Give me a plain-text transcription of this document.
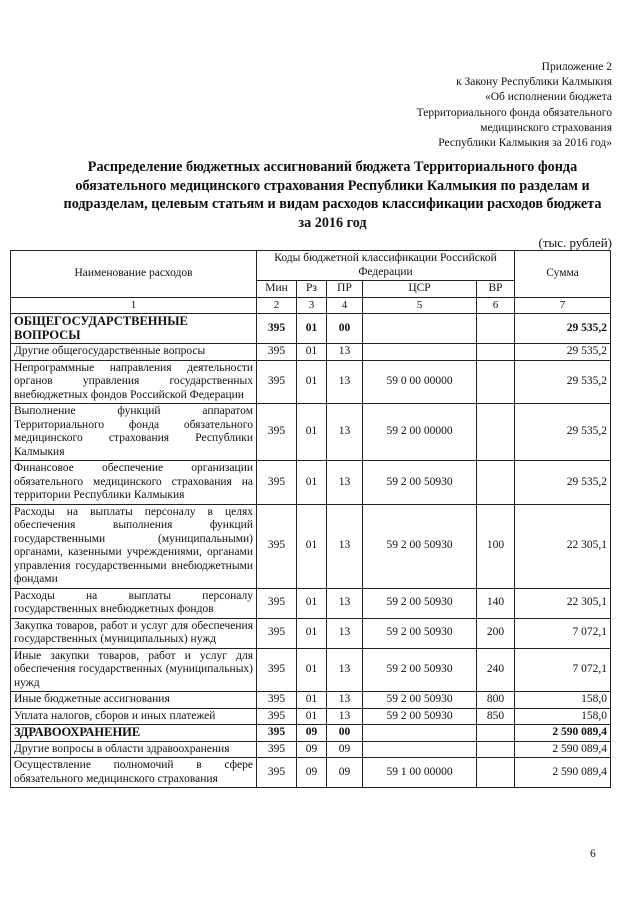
Приложение 2
к Закону Республики Калмыкия
«Об исполнении бюджета
Территориального фонда обязательного
медицинского страхования
Республики Калмыкия за 2016 год»
Распределение бюджетных ассигнований бюджета Территориального фонда обязательного медицинского страхования Республики Калмыкия по разделам и подразделам, целевым статьям и видам расходов классификации расходов бюджета за 2016 год
(тыс. рублей)
Наименование расходов	Коды бюджетной классификации Российской Федерации					Сумма
	Мин	Рз	ПР	ЦСР	ВР	
1	2	3	4	5	6	7
ОБЩЕГОСУДАРСТВЕННЫЕ ВОПРОСЫ	395	01	00			29 535,2
Другие общегосударственные вопросы	395	01	13			29 535,2
Непрограммные направления деятельности органов управления государственных внебюджетных фондов Российской Федерации	395	01	13	59 0 00 00000		29 535,2
Выполнение функций аппаратом Территориального фонда обязательного медицинского страхования Республики Калмыкия	395	01	13	59 2 00 00000		29 535,2
Финансовое обеспечение организации обязательного медицинского страхования на территории Республики Калмыкия	395	01	13	59 2 00 50930		29 535,2
Расходы на выплаты персоналу в целях обеспечения выполнения функций государственными (муниципальными) органами, казенными учреждениями, органами управления государственными внебюджетными фондами	395	01	13	59 2 00 50930	100	22 305,1
Расходы на выплаты персоналу государственных внебюджетных фондов	395	01	13	59 2 00 50930	140	22 305,1
Закупка товаров, работ и услуг для обеспечения государственных (муниципальных) нужд	395	01	13	59 2 00 50930	200	7 072,1
Иные закупки товаров, работ и услуг для обеспечения государственных (муниципальных) нужд	395	01	13	59 2 00 50930	240	7 072,1
Иные бюджетные ассигнования	395	01	13	59 2 00 50930	800	158,0
Уплата налогов, сборов и иных платежей	395	01	13	59 2 00 50930	850	158,0
ЗДРАВООХРАНЕНИЕ	395	09	00			2 590 089,4
Другие вопросы в области здравоохранения	395	09	09			2 590 089,4
Осуществление полномочий в сфере обязательного медицинского страхования	395	09	09	59 1 00 00000		2 590 089,4
6
